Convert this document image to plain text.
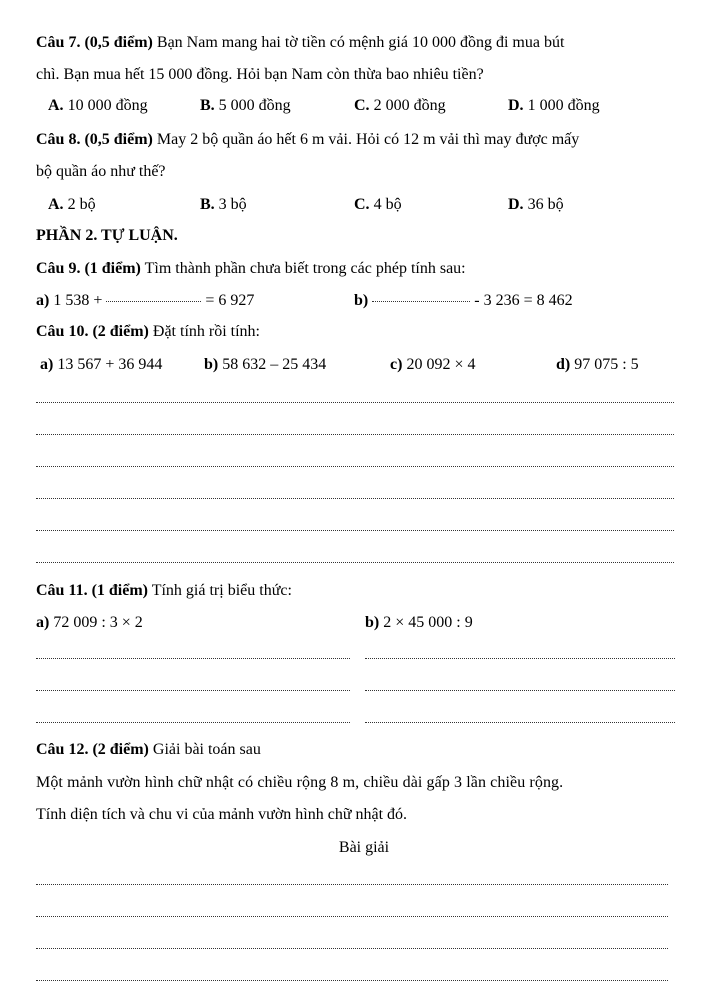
Câu 7. (0,5 điểm) Bạn Nam mang hai tờ tiền có mệnh giá 10 000 đồng đi mua bút
chì. Bạn mua hết 15 000 đồng. Hỏi bạn Nam còn thừa bao nhiêu tiền?
A. 10 000 đồng	B. 5 000 đồng	C. 2 000 đồng	D. 1 000 đồng
Câu 8. (0,5 điểm) May 2 bộ quần áo hết 6 m vải. Hỏi có 12 m vải thì may được mấy
bộ quần áo như thế?
A. 2 bộ	B. 3 bộ	C. 4 bộ	D. 36 bộ
PHẦN 2. TỰ LUẬN.
Câu 9. (1 điểm) Tìm thành phần chưa biết trong các phép tính sau:
a) 1 538 +	= 6 927	b)	- 3 236 = 8 462
Câu 10. (2 điểm) Đặt tính rồi tính:
a) 13 567 + 36 944	b) 58 632 – 25 434	c) 20 092 × 4	d) 97 075 : 5
Câu 11. (1 điểm) Tính giá trị biểu thức:
a) 72 009 : 3 × 2	b) 2 × 45 000 : 9
Câu 12. (2 điểm) Giải bài toán sau
Một mảnh vườn hình chữ nhật có chiều rộng 8 m, chiều dài gấp 3 lần chiều rộng.
Tính diện tích và chu vi của mảnh vườn hình chữ nhật đó.
Bài giải
